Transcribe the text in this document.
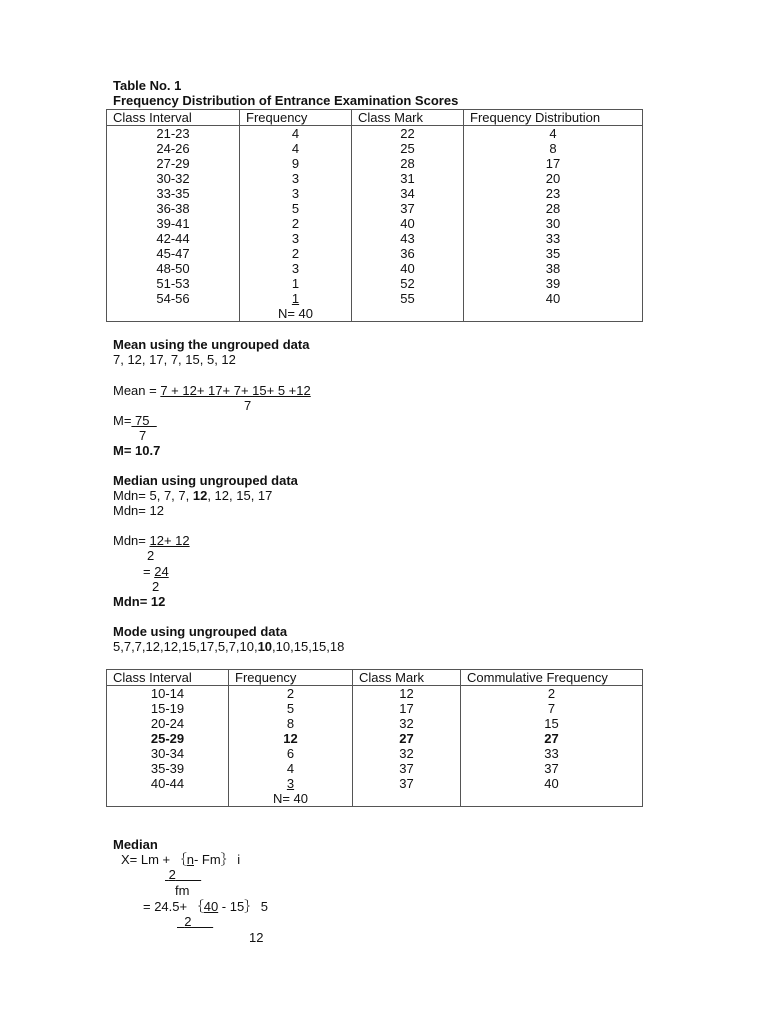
Table No. 1
Frequency Distribution of Entrance Examination Scores
Class Interval	Frequency	Class Mark	Frequency Distribution
21-23	4	22	4
24-26	4	25	8
27-29	9	28	17
30-32	3	31	20
33-35	3	34	23
36-38	5	37	28
39-41	2	40	30
42-44	3	43	33
45-47	2	36	35
48-50	3	40	38
51-53	1	52	39
54-56	1	55	40
	N= 40		
Mean using the ungrouped data
7, 12, 17, 7, 15, 5, 12
Mean = 7 + 12+ 17+ 7+ 15+ 5 +12
7
M= 75
7
M= 10.7
Median using ungrouped data
Mdn= 5, 7, 7, 12, 12, 15, 17
Mdn= 12
Mdn= 12+ 12
2
= 24
2
Mdn= 12
Mode using ungrouped data
5,7,7,12,12,15,17,5,7,10,10,10,15,15,18
Class Interval	Frequency	Class Mark	Commulative Frequency
10-14	2	12	2
15-19	5	17	7
20-24	8	32	15
25-29	12	27	27
30-34	6	32	33
35-39	4	37	37
40-44	3	37	40
	N= 40		
Median
X= Lm + ｛n- Fm｝ i
2
fm
= 24.5+ ｛40 - 15｝ 5
2
12
